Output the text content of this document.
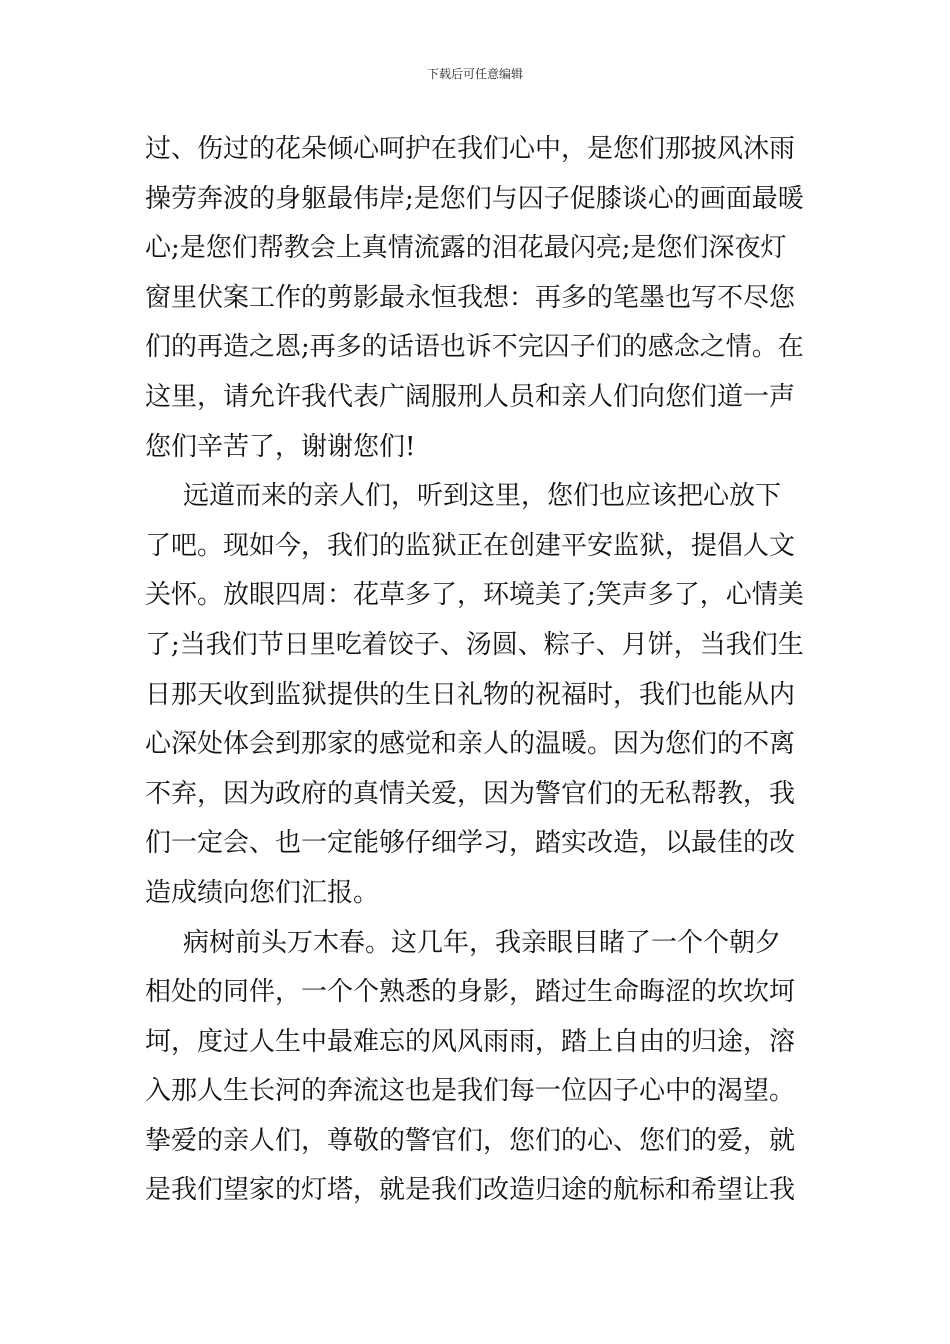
下载后可任意编辑
过、伤过的花朵倾心呵护在我们心中，是您们那披风沐雨
操劳奔波的身躯最伟岸;是您们与囚子促膝谈心的画面最暖
心;是您们帮教会上真情流露的泪花最闪亮;是您们深夜灯
窗里伏案工作的剪影最永恒我想：再多的笔墨也写不尽您
们的再造之恩;再多的话语也诉不完囚子们的感念之情。在
这里，请允许我代表广阔服刑人员和亲人们向您们道一声
您们辛苦了，谢谢您们!
远道而来的亲人们，听到这里，您们也应该把心放下
了吧。现如今，我们的监狱正在创建平安监狱，提倡人文
关怀。放眼四周：花草多了，环境美了;笑声多了，心情美
了;当我们节日里吃着饺子、汤圆、粽子、月饼，当我们生
日那天收到监狱提供的生日礼物的祝福时，我们也能从内
心深处体会到那家的感觉和亲人的温暖。因为您们的不离
不弃，因为政府的真情关爱，因为警官们的无私帮教，我
们一定会、也一定能够仔细学习，踏实改造，以最佳的改
造成绩向您们汇报。
病树前头万木春。这几年，我亲眼目睹了一个个朝夕
相处的同伴，一个个熟悉的身影，踏过生命晦涩的坎坎坷
坷，度过人生中最难忘的风风雨雨，踏上自由的归途，溶
入那人生长河的奔流这也是我们每一位囚子心中的渴望。
挚爱的亲人们，尊敬的警官们，您们的心、您们的爱，就
是我们望家的灯塔，就是我们改造归途的航标和希望让我
